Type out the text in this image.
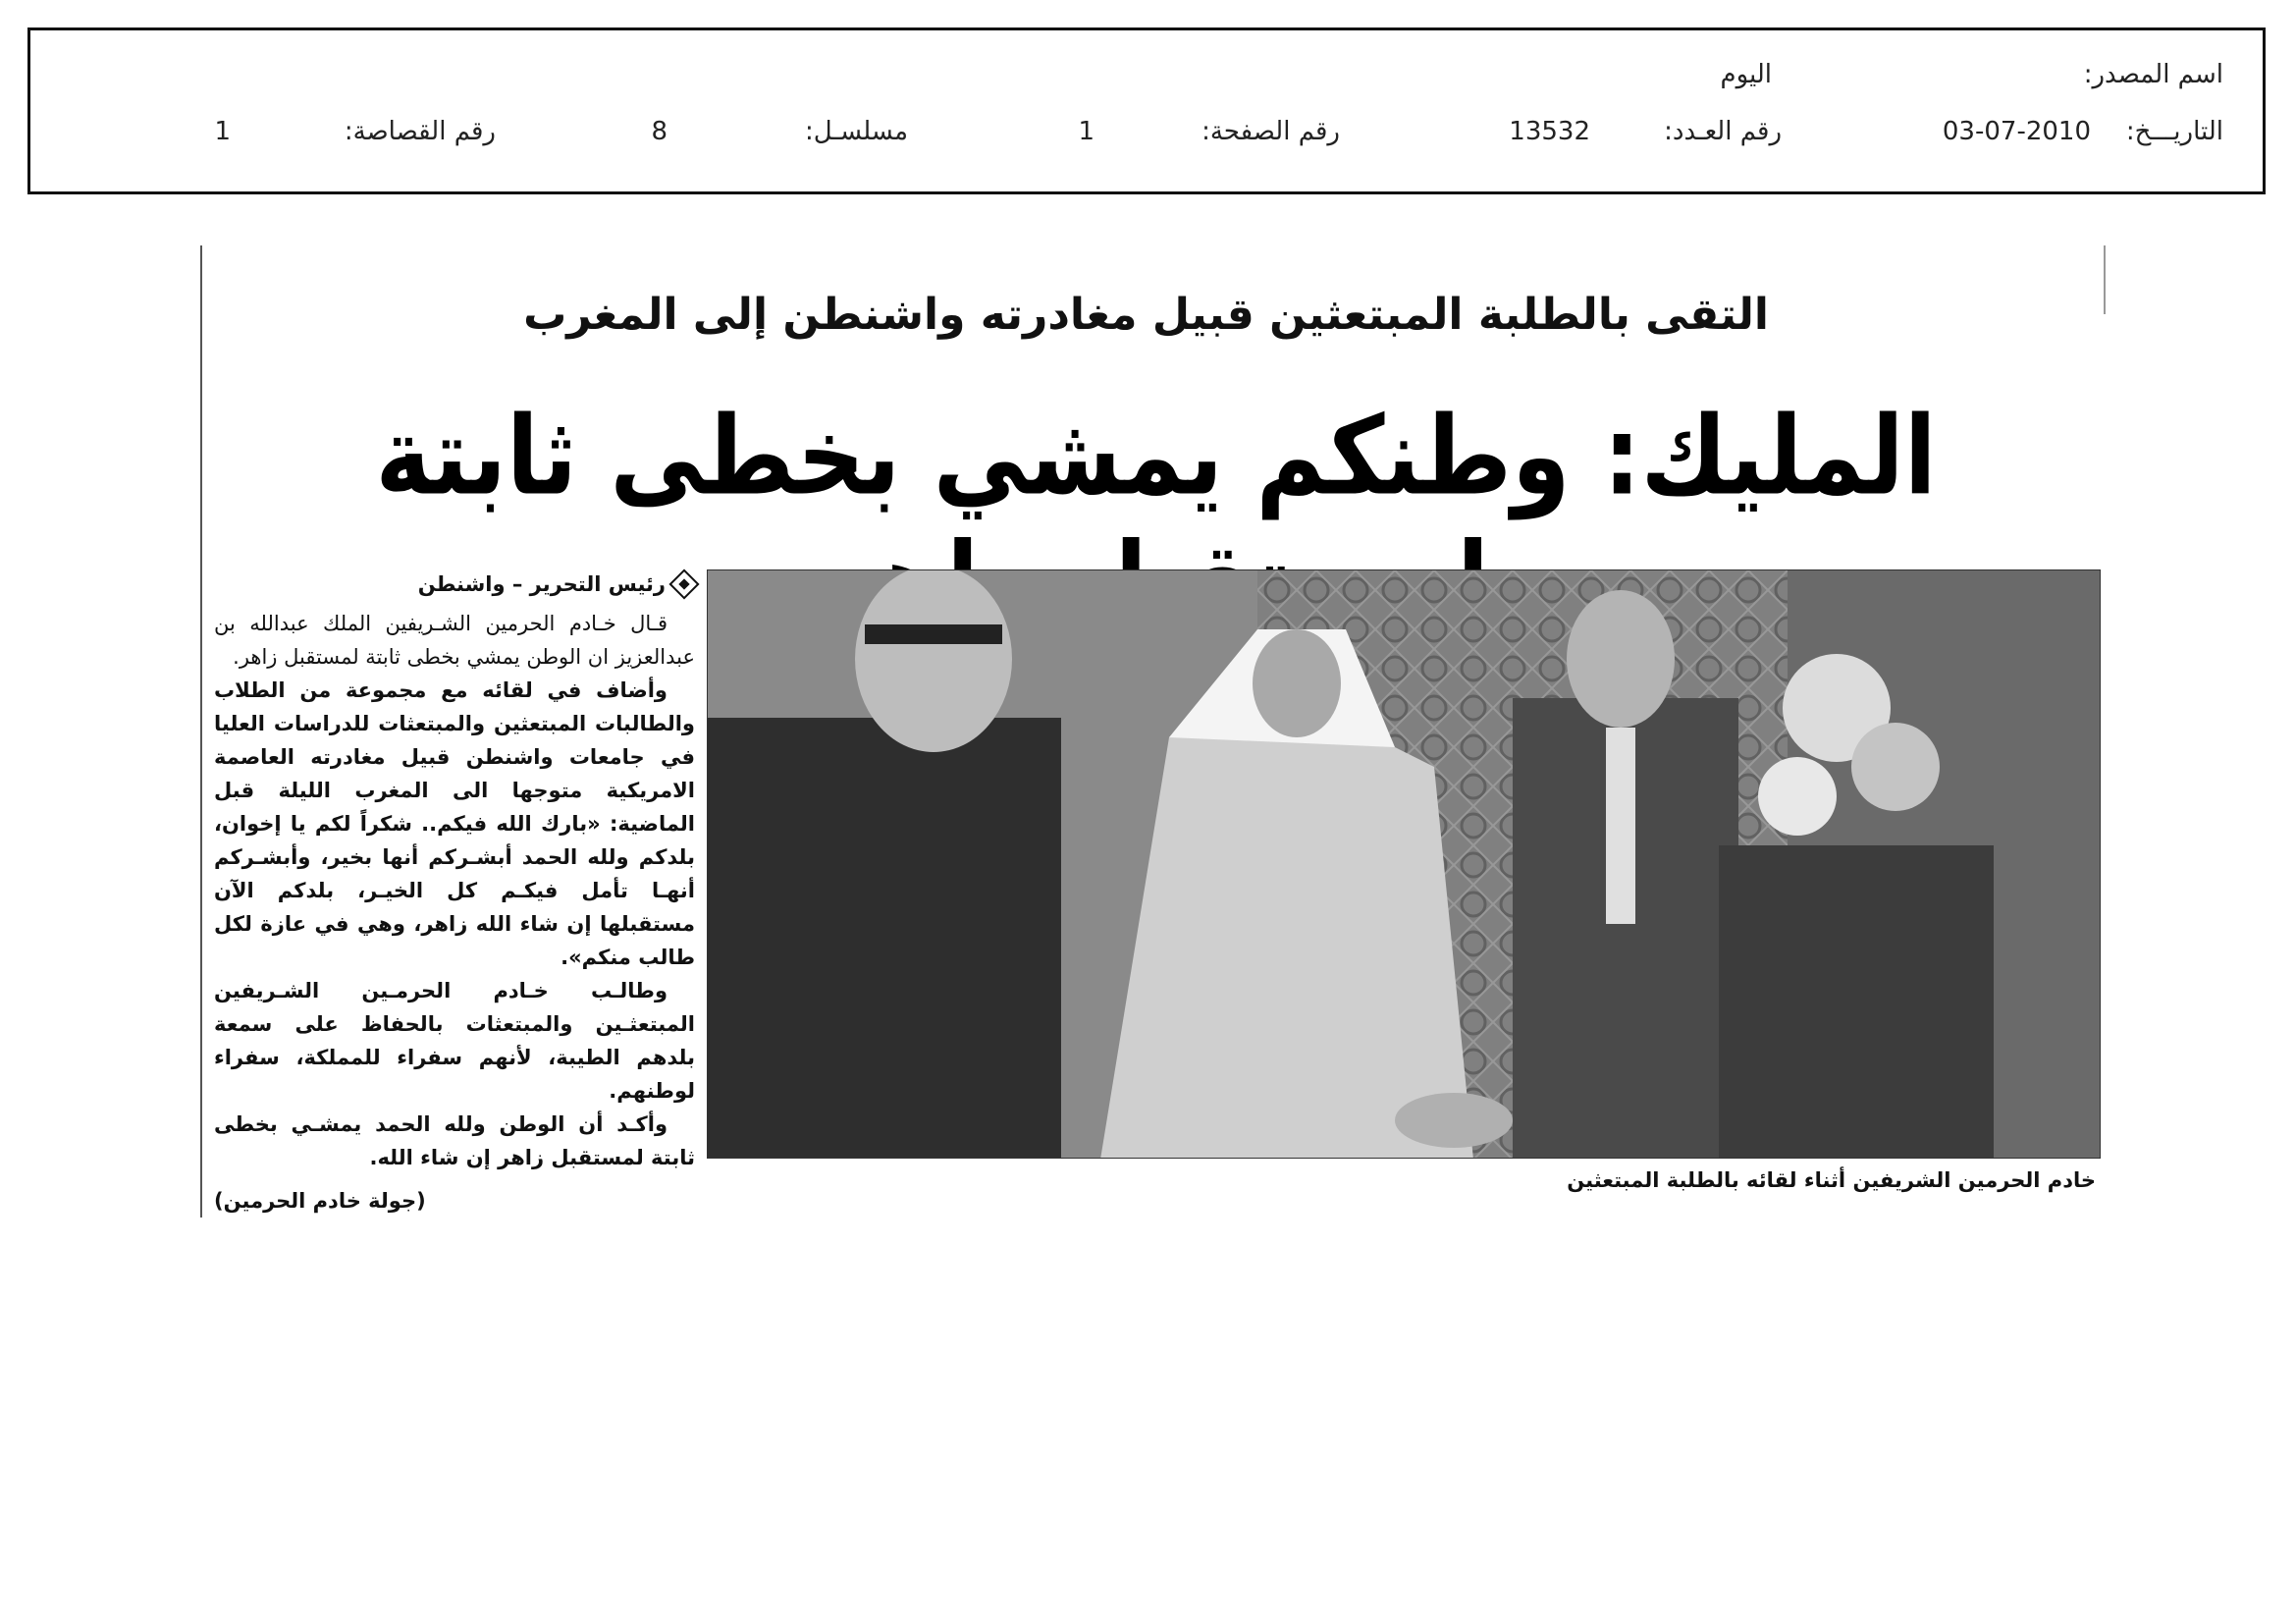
اسم المصدر:
اليوم
التاريـــخ:
03-07-2010
رقم العـدد:
13532
رقم الصفحة:
1
مسلسـل:
8
رقم القصاصة:
1
التقى بالطلبة المبتعثين قبيل مغادرته واشنطن إلى المغرب
المليك: وطنكم يمشي بخطى ثابتة
رئيس التحرير – واشنطن

قـال خـادم الحرمين الشـريفين الملك عبدالله بن عبدالعزيز ان الوطن يمشي بخطى ثابتة لمستقبل زاهر.

وأضاف في لقائه مع مجموعة من الطلاب والطالبات المبتعثين والمبتعثات للدراسات العليا في جامعات واشنطن قبيل مغادرته العاصمة الامريكية متوجها الى المغرب الليلة قبل الماضية: «بارك الله فيكم.. شكراً لكم يا إخوان، بلدكم ولله الحمد أبشـركم أنها بخير، وأبشـركم أنهـا تأمل فيكـم كل الخيـر، بلدكم الآن مستقبلها إن شاء الله زاهر، وهي في عازة لكل طالب منكم».

وطالـب خـادم الحرمـين الشـريفين المبتعثـين والمبتعثات بالحفاظ على سمعة بلدهم الطيبة، لأنهم سفراء للمملكة، سفراء لوطنهم.

وأكـد أن الوطن ولله الحمد يمشـي بخطى ثابتة لمستقبل زاهر إن شاء الله.

(جولة خادم الحرمين)
خادم الحرمين الشريفين أثناء لقائه بالطلبة المبتعثين
